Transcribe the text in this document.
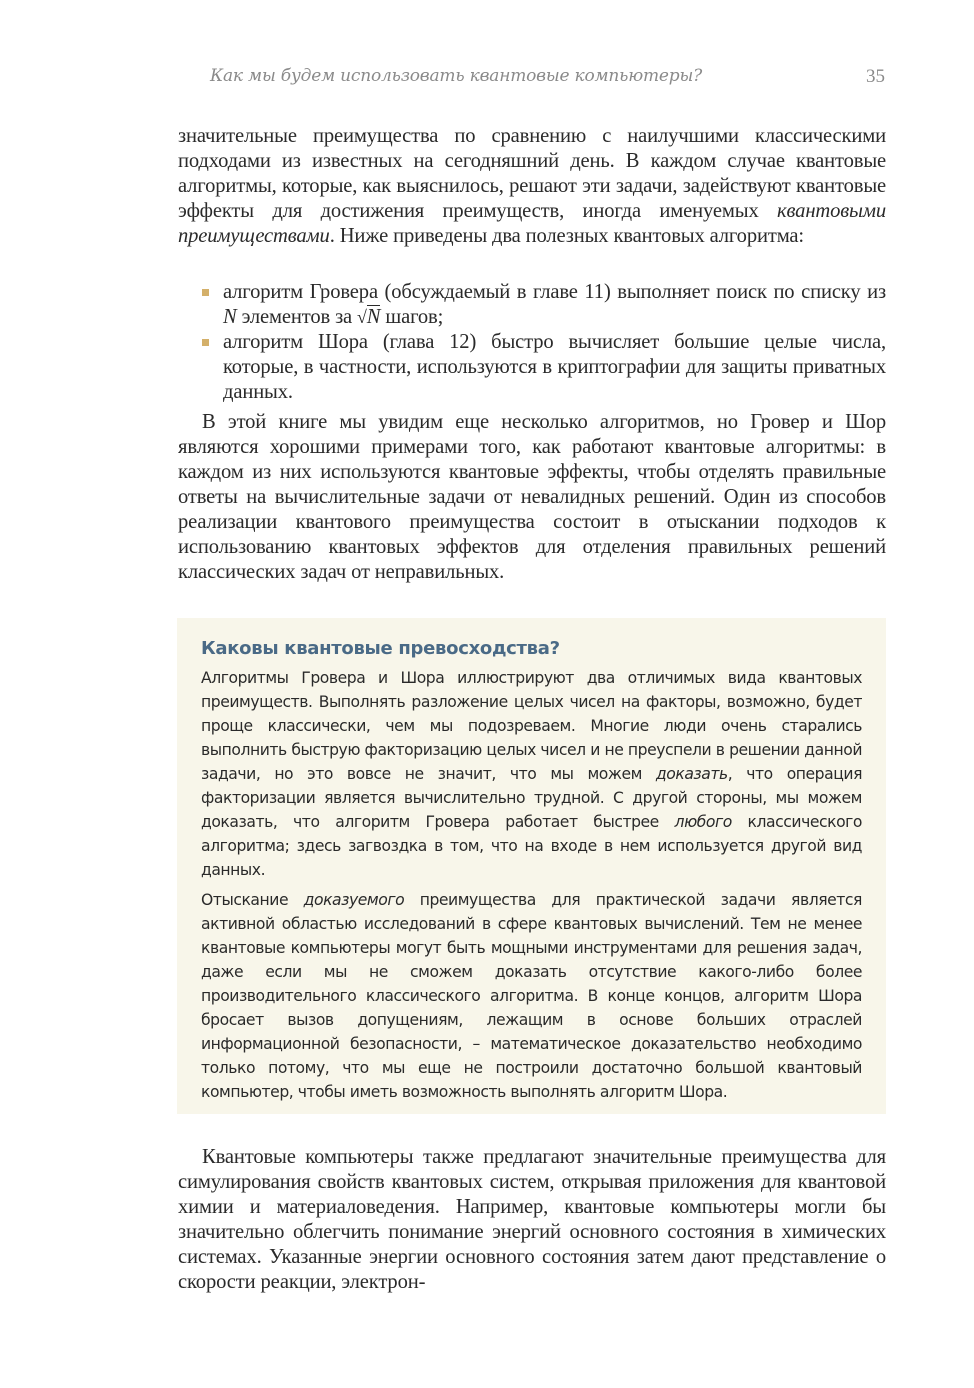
Как мы будем использовать квантовые компьютеры?	35

значительные преимущества по сравнению с наилучшими классическими подходами из известных на сегодняшний день. В каждом случае квантовые алгоритмы, которые, как выяснилось, решают эти задачи, задействуют квантовые эффекты для достижения преимуществ, иногда именуемых квантовыми преимуществами. Ниже приведены два полезных квантовых алгоритма:

алгоритм Гровера (обсуждаемый в главе 11) выполняет поиск по списку из N элементов за √N шагов;
алгоритм Шора (глава 12) быстро вычисляет большие целые числа, которые, в частности, используются в криптографии для защиты приватных данных.

В этой книге мы увидим еще несколько алгоритмов, но Гровер и Шор являются хорошими примерами того, как работают квантовые алгоритмы: в каждом из них используются квантовые эффекты, чтобы отделять правильные ответы на вычислительные задачи от невалидных решений. Один из способов реализации квантового преимущества состоит в отыскании подходов к использованию квантовых эффектов для отделения правильных решений классических задач от неправильных.

Каковы квантовые превосходства?

Алгоритмы Гровера и Шора иллюстрируют два отличимых вида квантовых преимуществ. Выполнять разложение целых чисел на факторы, возможно, будет проще классически, чем мы подозреваем. Многие люди очень старались выполнить быструю факторизацию целых чисел и не преуспели в решении данной задачи, но это вовсе не значит, что мы можем доказать, что операция факторизации является вычислительно трудной. С другой стороны, мы можем доказать, что алгоритм Гровера работает быстрее любого классического алгоритма; здесь загвоздка в том, что на входе в нем используется другой вид данных.

Отыскание доказуемого преимущества для практической задачи является активной областью исследований в сфере квантовых вычислений. Тем не менее квантовые компьютеры могут быть мощными инструментами для решения задач, даже если мы не сможем доказать отсутствие какого-либо более производительного классического алгоритма. В конце концов, алгоритм Шора бросает вызов допущениям, лежащим в основе больших отраслей информационной безопасности, – математическое доказательство необходимо только потому, что мы еще не построили достаточно большой квантовый компьютер, чтобы иметь возможность выполнять алгоритм Шора.

Квантовые компьютеры также предлагают значительные преимущества для симулирования свойств квантовых систем, открывая приложения для квантовой химии и материаловедения. Например, квантовые компьютеры могли бы значительно облегчить понимание энергий основного состояния в химических системах. Указанные энергии основного состояния затем дают представление о скорости реакции, электрон-
